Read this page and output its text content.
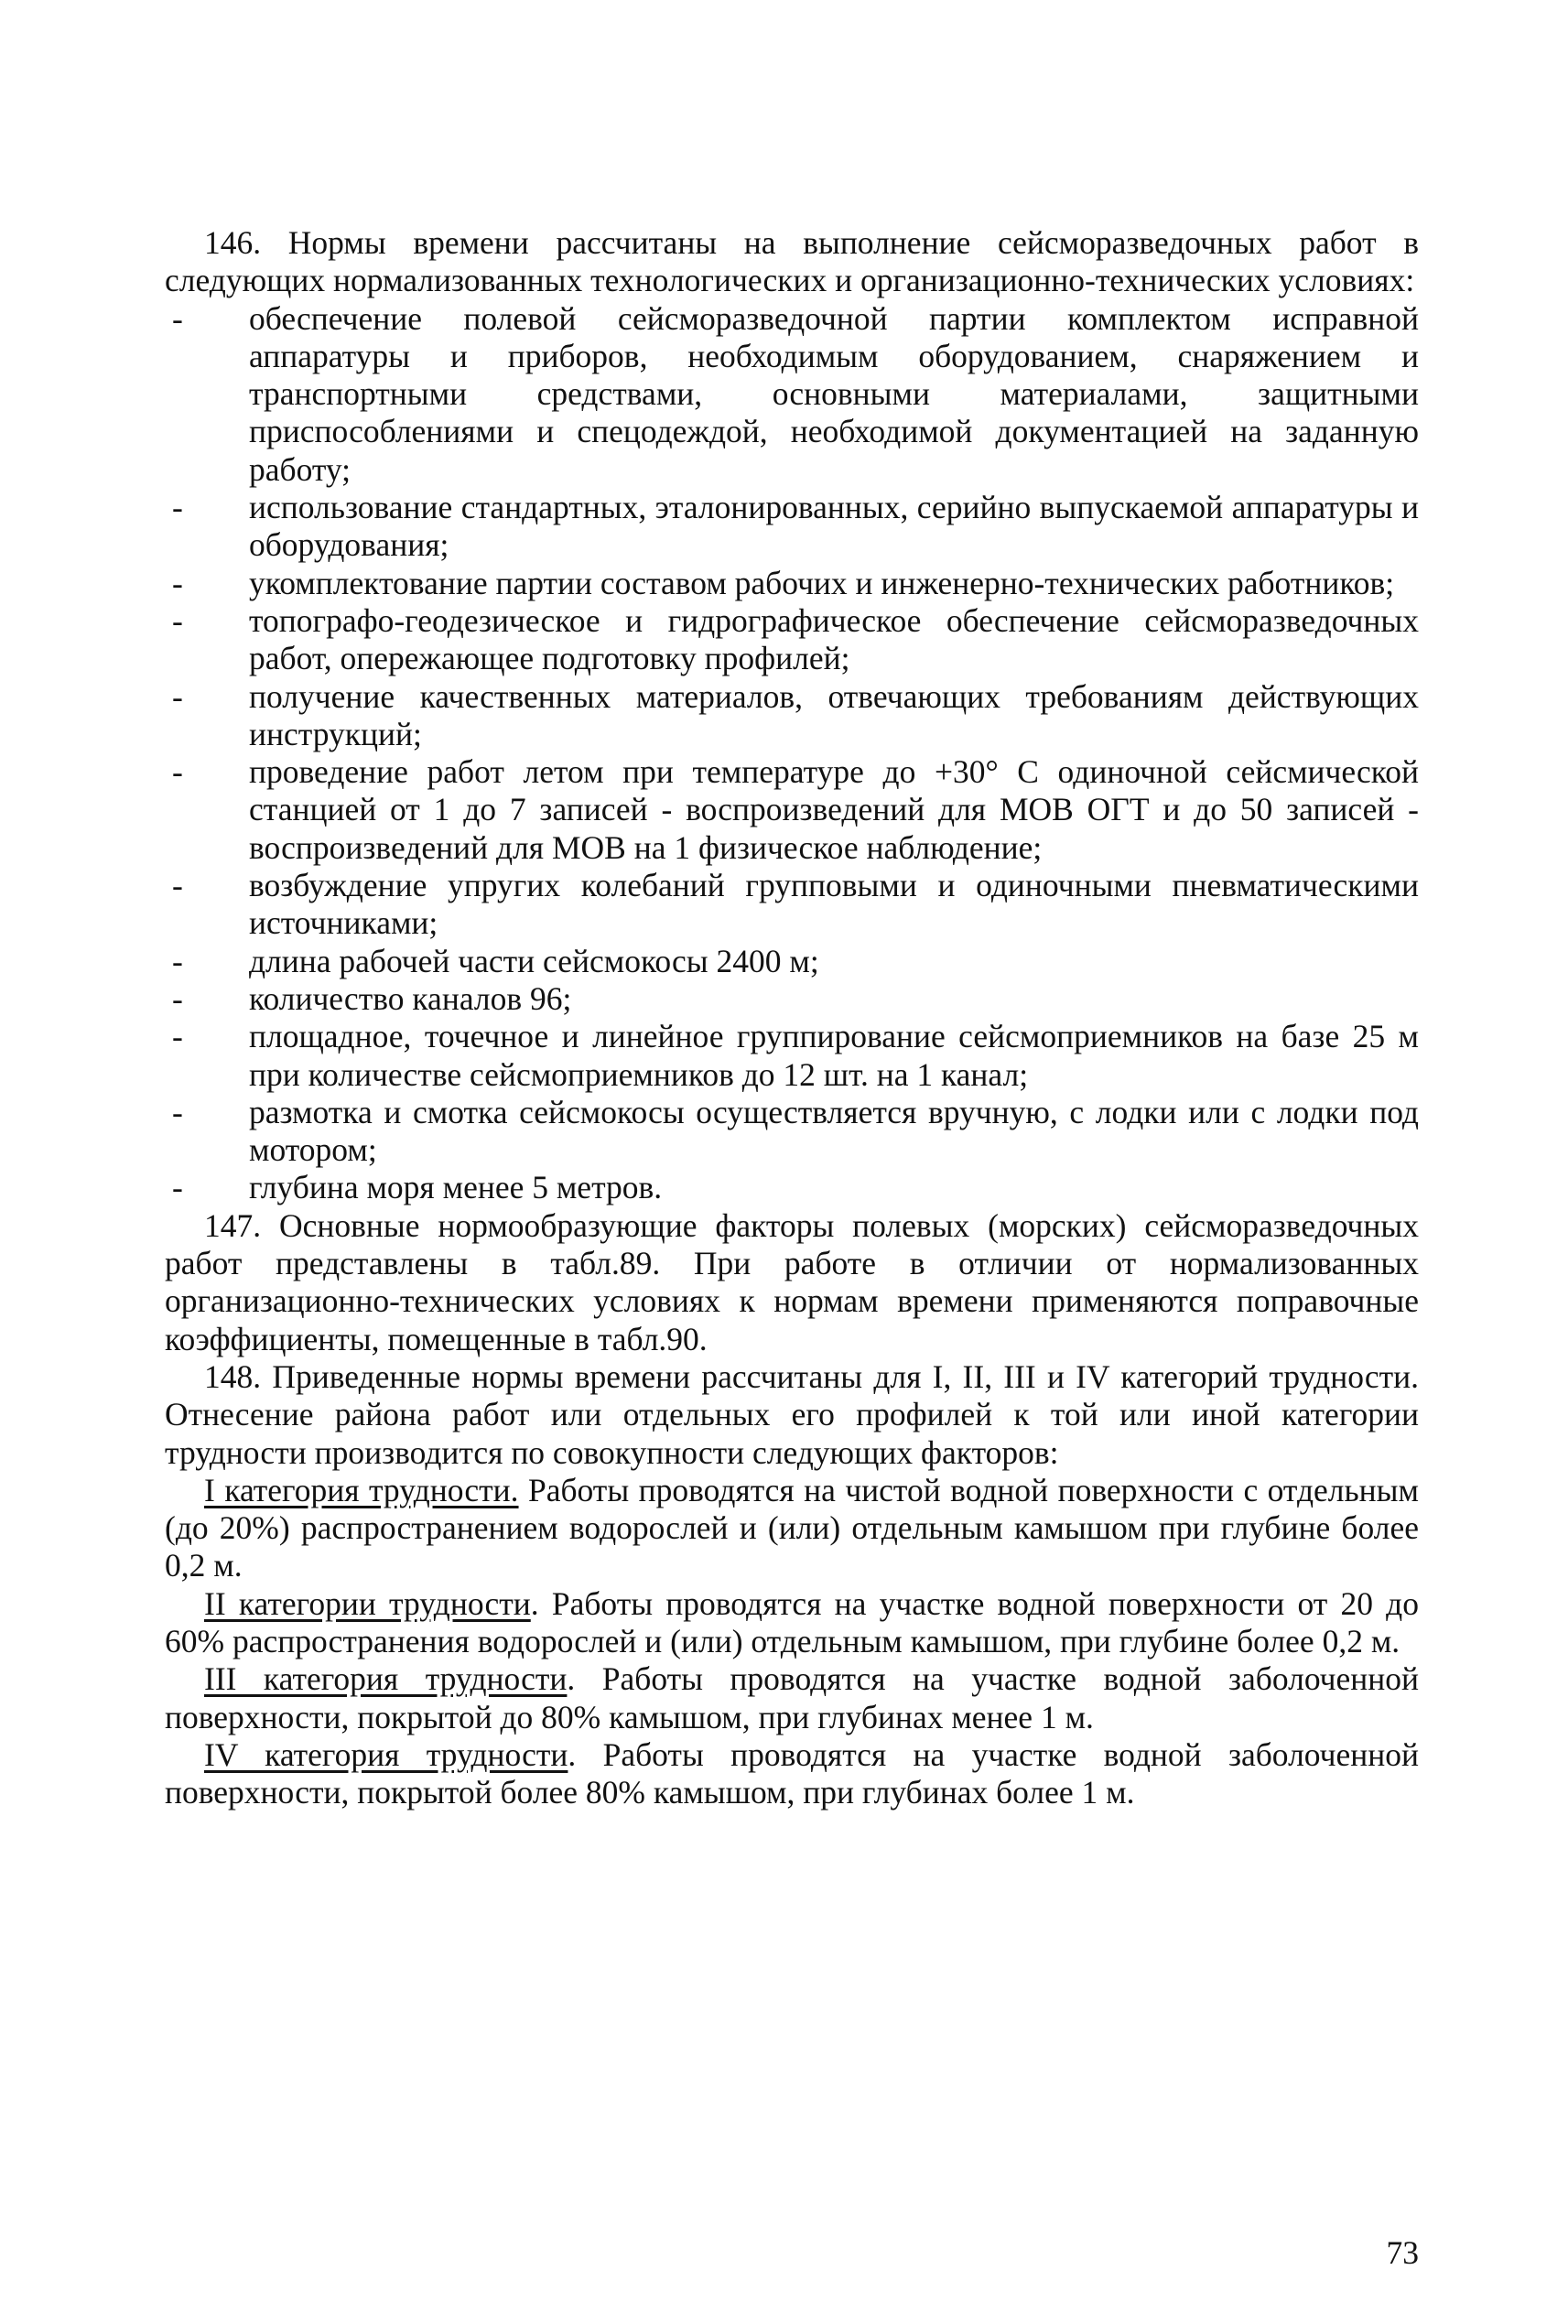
146. Нормы времени рассчитаны на выполнение сейсморазведочных работ в следующих нормализованных технологических и организационно-технических условиях:

- обеспечение полевой сейсморазведочной партии комплектом исправной аппаратуры и приборов, необходимым оборудованием, снаряжением и транспортными средствами, основными материалами, защитными приспособлениями и спецодеждой, необходимой документацией на заданную работу;
- использование стандартных, эталонированных, серийно выпускаемой аппаратуры и оборудования;
- укомплектование партии составом рабочих и инженерно-технических работников;
- топографо-геодезическое и гидрографическое обеспечение сейсморазведочных работ, опережающее подготовку профилей;
- получение качественных материалов, отвечающих требованиям действующих инструкций;
- проведение работ летом при температуре до +30° С одиночной сейсмической станцией от 1 до 7 записей - воспроизведений для МОВ ОГТ и до 50 записей - воспроизведений для МОВ на 1 физическое наблюдение;
- возбуждение упругих колебаний групповыми и одиночными пневматическими источниками;
- длина рабочей части сейсмокосы 2400 м;
- количество каналов 96;
- площадное, точечное и линейное группирование сейсмоприемников на базе 25 м при количестве сейсмоприемников до 12 шт. на 1 канал;
- размотка и смотка сейсмокосы осуществляется вручную, с лодки или с лодки под мотором;
- глубина моря менее 5 метров.

147. Основные нормообразующие факторы полевых (морских) сейсморазведочных работ представлены в табл.89. При работе в отличии от нормализованных организационно-технических условиях к нормам времени применяются поправочные коэффициенты, помещенные в табл.90.

148. Приведенные нормы времени рассчитаны для I, II, III и IV категорий трудности. Отнесение района работ или отдельных его профилей к той или иной категории трудности производится по совокупности следующих факторов:

I категория трудности. Работы проводятся на чистой водной поверхности с отдельным (до 20%) распространением водорослей и (или) отдельным камышом при глубине более 0,2 м.

II категории трудности. Работы проводятся на участке водной поверхности от 20 до 60% распространения водорослей и (или) отдельным камышом, при глубине более 0,2 м.

III категория трудности. Работы проводятся на участке водной заболоченной поверхности, покрытой до 80% камышом, при глубинах менее 1 м.

IV категория трудности. Работы проводятся на участке водной заболоченной поверхности, покрытой более 80% камышом, при глубинах более 1 м.

73
